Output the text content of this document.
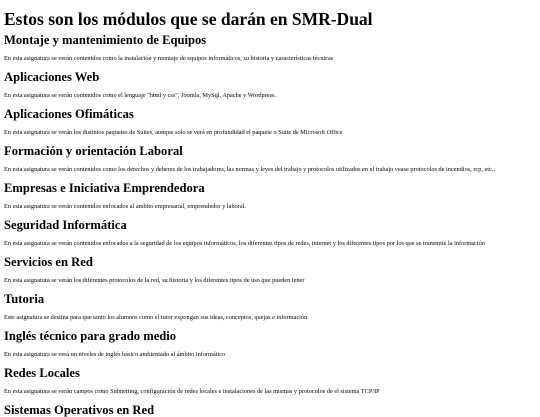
Estos son los módulos que se darán en SMR-Dual
Montaje y mantenimiento de Equipos

En esta asignatura se verán contenidos como la instalación y montaje de equipos informáticos, su historia y características técnicas

Aplicaciones Web

En esta asignatura se verán contenidos como el lenguaje "html y css", Joomla, MySql, Apache y Wordpress.

Aplicaciones Ofimáticas

En esta asignatura se verán los distintos paquetes de Suites, aunque solo se verá en profundidad el paquete o Suite de Microsoft Office

Formación y orientación Laboral

En esta asignatura se verán contenidos como los derechos y deberes de los trabajadores, las normas y leyes del trabajo y protocolos utilizados en el trabajo vease protocolos de incendios, rcp, etc..

Empresas e Iniciativa Emprendedora

En esta asignatura se verán contenidos enfocados al ambito empresarial, emprendedor y laboral.

Seguridad Informática

En esta asignatura se verán contenidos enfocados a la seguridad de los equipos informáticos, los diferentes tipos de redes, internet y los diferentes tipos por los que se transmite la información

Servicios en Red

En esta asignatura se verán los diferentes protocolos de la red, su historia y los diferentes tipos de uso que pueden tener

Tutoria

Este asignatura se destina para que tanto los alumnos como el tutor expongan sus ideas, conceptos, quejas e información

Inglés técnico para grado medio

En esta asignatura se verá un niveles de inglés básico ambientado al ámbito informático

Redes Locales

En esta asignatura se verán campos como Subnetting, configuración de redes locales e instalaciones de las mismas y protocolos de el sistema TCP/IP

Sistemas Operativos en Red
